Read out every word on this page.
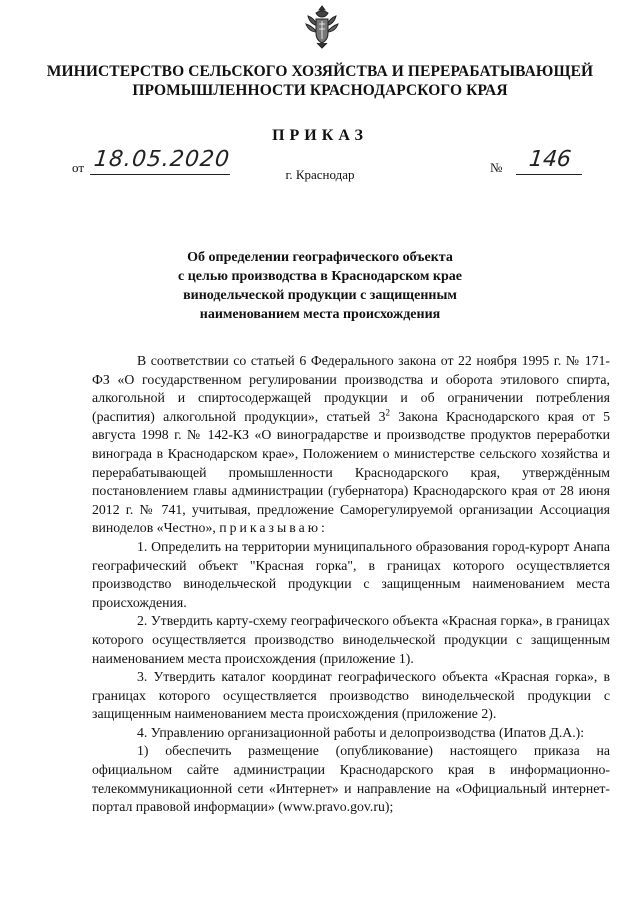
МИНИСТЕРСТВО СЕЛЬСКОГО ХОЗЯЙСТВА И ПЕРЕРАБАТЫВАЮЩЕЙ
ПРОМЫШЛЕННОСТИ КРАСНОДАРСКОГО КРАЯ
ПРИКАЗ
от 18.05.2020	№	146
г. Краснодар
Об определении географического объекта
с целью производства в Краснодарском крае
винодельческой продукции с защищенным
наименованием места происхождения

В соответствии со статьей 6 Федерального закона от 22 ноября 1995 г. № 171-ФЗ «О государственном регулировании производства и оборота этилового спирта, алкогольной и спиртосодержащей продукции и об ограничении потребления (распития) алкогольной продукции», статьей $3^2$ Закона Краснодарского края от 5 августа 1998 г. № 142-КЗ «О виноградарстве и производстве продуктов переработки винограда в Краснодарском крае», Положением о министерстве сельского хозяйства и перерабатывающей промышленности Краснодарского края, утверждённым постановлением главы администрации (губернатора) Краснодарского края от 28 июня 2012 г. № 741, учитывая, предложение Саморегулируемой организации Ассоциация виноделов «Честно», приказываю:

1. Определить на территории муниципального образования город-курорт Анапа географический объект "Красная горка", в границах которого осуществляется производство винодельческой продукции с защищенным наименованием места происхождения.

2. Утвердить карту-схему географического объекта «Красная горка», в границах которого осуществляется производство винодельческой продукции с защищенным наименованием места происхождения (приложение 1).

3. Утвердить каталог координат географического объекта «Красная горка», в границах которого осуществляется производство винодельческой продукции с защищенным наименованием места происхождения (приложение 2).

4. Управлению организационной работы и делопроизводства (Ипатов Д.А.):

1) обеспечить размещение (опубликование) настоящего приказа на официальном сайте администрации Краснодарского края в информационно-телекоммуникационной сети «Интернет» и направление на «Официальный интернет-портал правовой информации» (www.pravo.gov.ru);
